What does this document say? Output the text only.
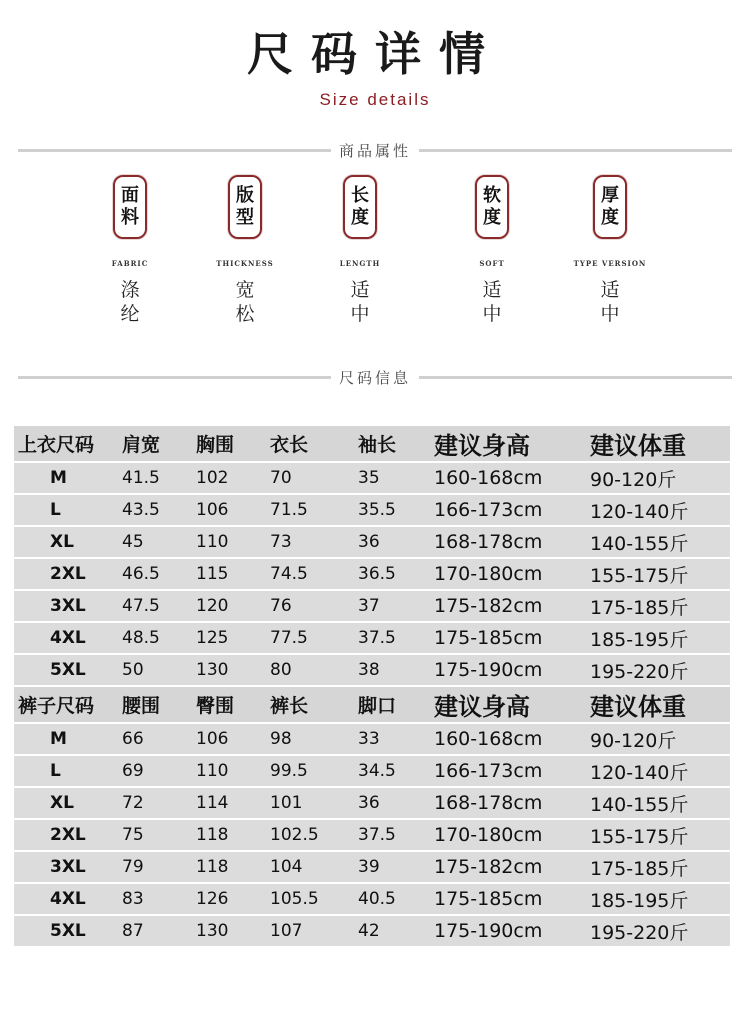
尺码详情
Size details
商品属性
面
料
FABRIC
涤
纶
版
型
THICKNESS
宽
松
长
度
LENGTH
适
中
软
度
SOFT
适
中
厚
度
TYPE VERSION
适
中
尺码信息
上衣尺码	肩宽	胸围	衣长	袖长	建议身高	建议体重
M	41.5	102	70	35	160-168cm	90-120斤
L	43.5	106	71.5	35.5	166-173cm	120-140斤
XL	45	110	73	36	168-178cm	140-155斤
2XL	46.5	115	74.5	36.5	170-180cm	155-175斤
3XL	47.5	120	76	37	175-182cm	175-185斤
4XL	48.5	125	77.5	37.5	175-185cm	185-195斤
5XL	50	130	80	38	175-190cm	195-220斤
裤子尺码	腰围	臀围	裤长	脚口	建议身高	建议体重
M	66	106	98	33	160-168cm	90-120斤
L	69	110	99.5	34.5	166-173cm	120-140斤
XL	72	114	101	36	168-178cm	140-155斤
2XL	75	118	102.5	37.5	170-180cm	155-175斤
3XL	79	118	104	39	175-182cm	175-185斤
4XL	83	126	105.5	40.5	175-185cm	185-195斤
5XL	87	130	107	42	175-190cm	195-220斤
